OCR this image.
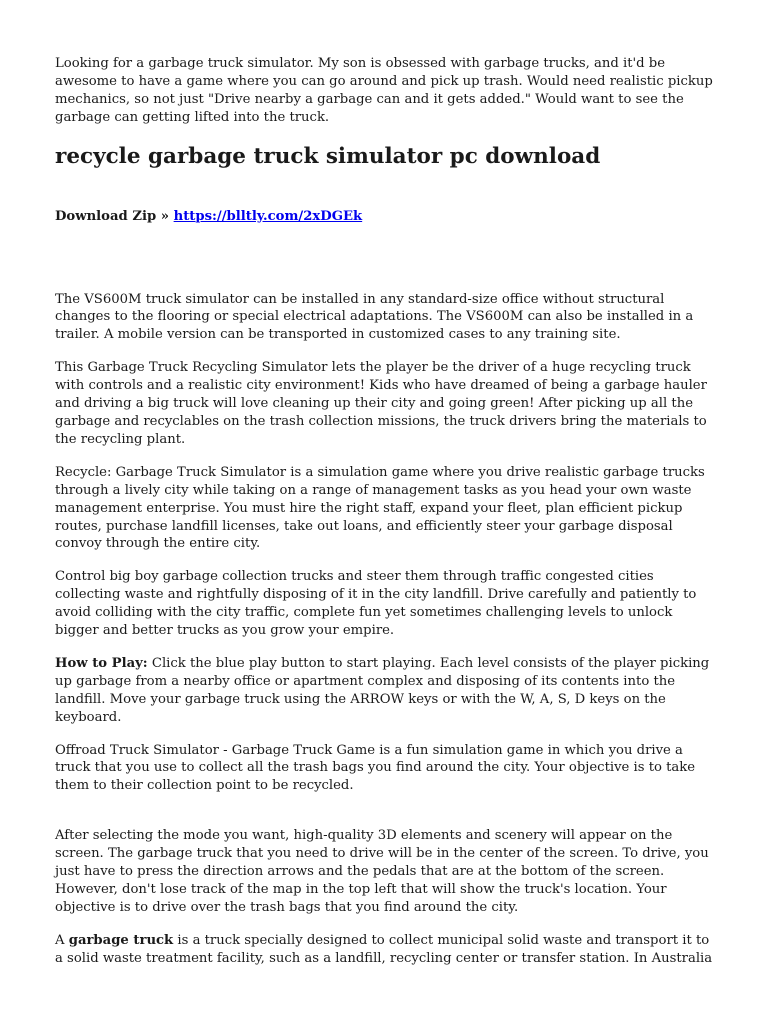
Looking for a garbage truck simulator. My son is obsessed with garbage trucks, and it'd be awesome to have a game where you can go around and pick up trash. Would need realistic pickup mechanics, so not just "Drive nearby a garbage can and it gets added." Would want to see the garbage can getting lifted into the truck.

recycle garbage truck simulator pc download

Download Zip » https://blltly.com/2xDGEk

The VS600M truck simulator can be installed in any standard-size office without structural changes to the flooring or special electrical adaptations. The VS600M can also be installed in a trailer. A mobile version can be transported in customized cases to any training site.

This Garbage Truck Recycling Simulator lets the player be the driver of a huge recycling truck with controls and a realistic city environment! Kids who have dreamed of being a garbage hauler and driving a big truck will love cleaning up their city and going green! After picking up all the garbage and recyclables on the trash collection missions, the truck drivers bring the materials to the recycling plant.

Recycle: Garbage Truck Simulator is a simulation game where you drive realistic garbage trucks through a lively city while taking on a range of management tasks as you head your own waste management enterprise. You must hire the right staff, expand your fleet, plan efficient pickup routes, purchase landfill licenses, take out loans, and efficiently steer your garbage disposal convoy through the entire city.

Control big boy garbage collection trucks and steer them through traffic congested cities collecting waste and rightfully disposing of it in the city landfill. Drive carefully and patiently to avoid colliding with the city traffic, complete fun yet sometimes challenging levels to unlock bigger and better trucks as you grow your empire.

How to Play: Click the blue play button to start playing. Each level consists of the player picking up garbage from a nearby office or apartment complex and disposing of its contents into the landfill. Move your garbage truck using the ARROW keys or with the W, A, S, D keys on the keyboard.

Offroad Truck Simulator - Garbage Truck Game is a fun simulation game in which you drive a truck that you use to collect all the trash bags you find around the city. Your objective is to take them to their collection point to be recycled.

After selecting the mode you want, high-quality 3D elements and scenery will appear on the screen. The garbage truck that you need to drive will be in the center of the screen. To drive, you just have to press the direction arrows and the pedals that are at the bottom of the screen. However, don't lose track of the map in the top left that will show the truck's location. Your objective is to drive over the trash bags that you find around the city.

A garbage truck is a truck specially designed to collect municipal solid waste and transport it to a solid waste treatment facility, such as a landfill, recycling center or transfer station. In Australia
